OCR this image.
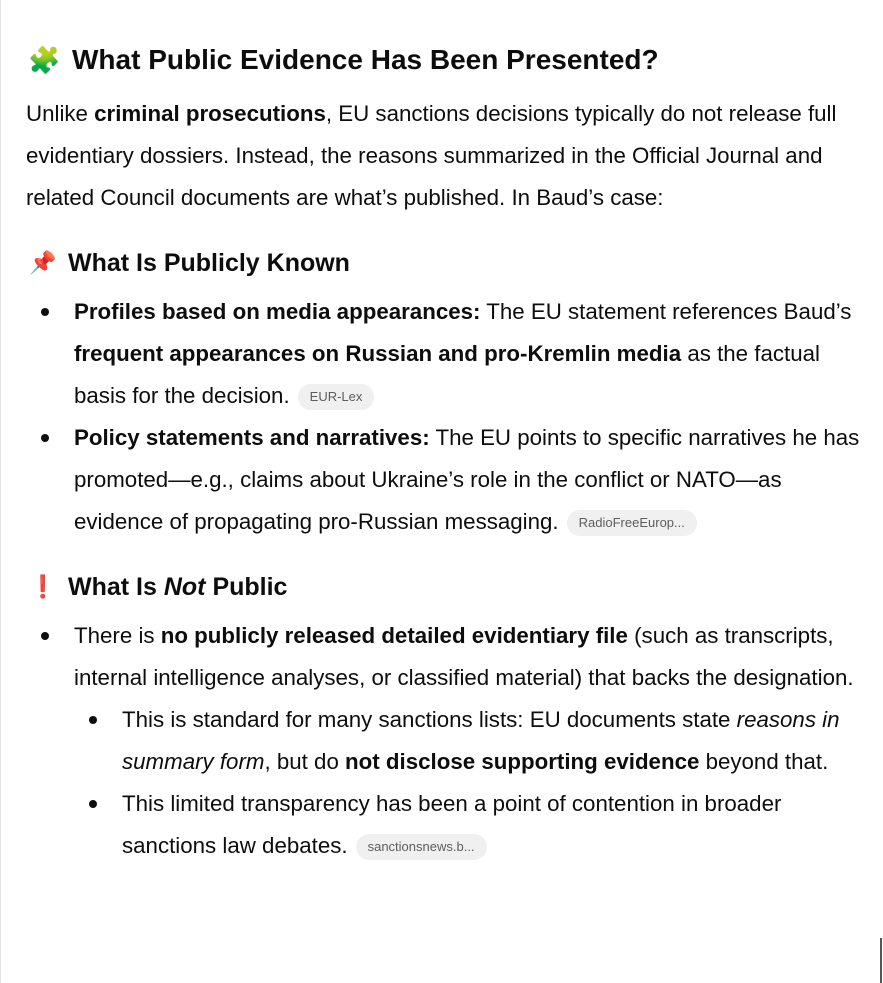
🧩 What Public Evidence Has Been Presented?

Unlike criminal prosecutions, EU sanctions decisions typically do not release full evidentiary dossiers. Instead, the reasons summarized in the Official Journal and related Council documents are what’s published. In Baud’s case:

📌 What Is Publicly Known
Profiles based on media appearances: The EU statement references Baud’s frequent appearances on Russian and pro-Kremlin media as the factual basis for the decision. EUR-Lex
Policy statements and narratives: The EU points to specific narratives he has promoted—e.g., claims about Ukraine’s role in the conflict or NATO—as evidence of propagating pro-Russian messaging. RadioFreeEurop...
❗ What Is Not Public
There is no publicly released detailed evidentiary file (such as transcripts, internal intelligence analyses, or classified material) that backs the designation.
This is standard for many sanctions lists: EU documents state reasons in summary form, but do not disclose supporting evidence beyond that.
This limited transparency has been a point of contention in broader sanctions law debates. sanctionsnews.b...
